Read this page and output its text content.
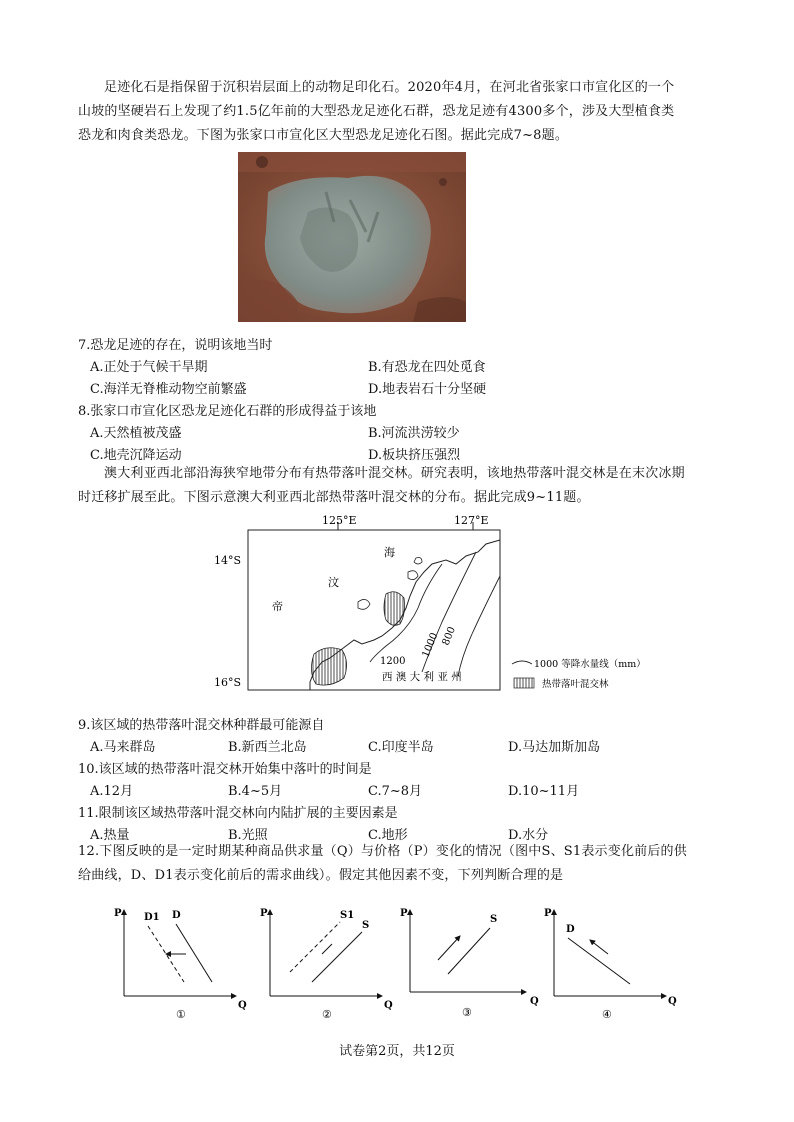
足迹化石是指保留于沉积岩层面上的动物足印化石。2020年4月，在河北省张家口市宣化区的一个
山坡的坚硬岩石上发现了约1.5亿年前的大型恐龙足迹化石群，恐龙足迹有4300多个，涉及大型植食类
恐龙和肉食类恐龙。下图为张家口市宣化区大型恐龙足迹化石图。据此完成7~8题。
7.恐龙足迹的存在，说明该地当时
A.正处于气候干旱期	B.有恐龙在四处觅食
C.海洋无脊椎动物空前繁盛	D.地表岩石十分坚硬
8.张家口市宣化区恐龙足迹化石群的形成得益于该地
A.天然植被茂盛	B.河流洪涝较少
C.地壳沉降运动	D.板块挤压强烈
澳大利亚西北部沿海狭窄地带分布有热带落叶混交林。研究表明，该地热带落叶混交林是在末次冰期
时迁移扩展至此。下图示意澳大利亚西北部热带落叶混交林的分布。据此完成9~11题。
125°E	127°E
14°S
16°S
帝
汶
海
1200
1000 800
西 澳 大 利 亚 州
1000 等降水量线（mm）
热带落叶混交林
9.该区域的热带落叶混交林种群最可能源自
A.马来群岛	B.新西兰北岛	C.印度半岛	D.马达加斯加岛
10.该区域的热带落叶混交林开始集中落叶的时间是
A.12月	B.4~5月	C.7~8月	D.10~11月
11.限制该区域热带落叶混交林向内陆扩展的主要因素是
A.热量	B.光照	C.地形	D.水分
12.下图反映的是一定时期某种商品供求量（Q）与价格（P）变化的情况（图中S、S1表示变化前后的供
给曲线，D、D1表示变化前后的需求曲线）。假定其他因素不变，下列判断合理的是
P
Q
D1 D
①
P
Q
S1
S
②
P
Q
S
③
P
Q
D
④
试卷第2页，共12页
